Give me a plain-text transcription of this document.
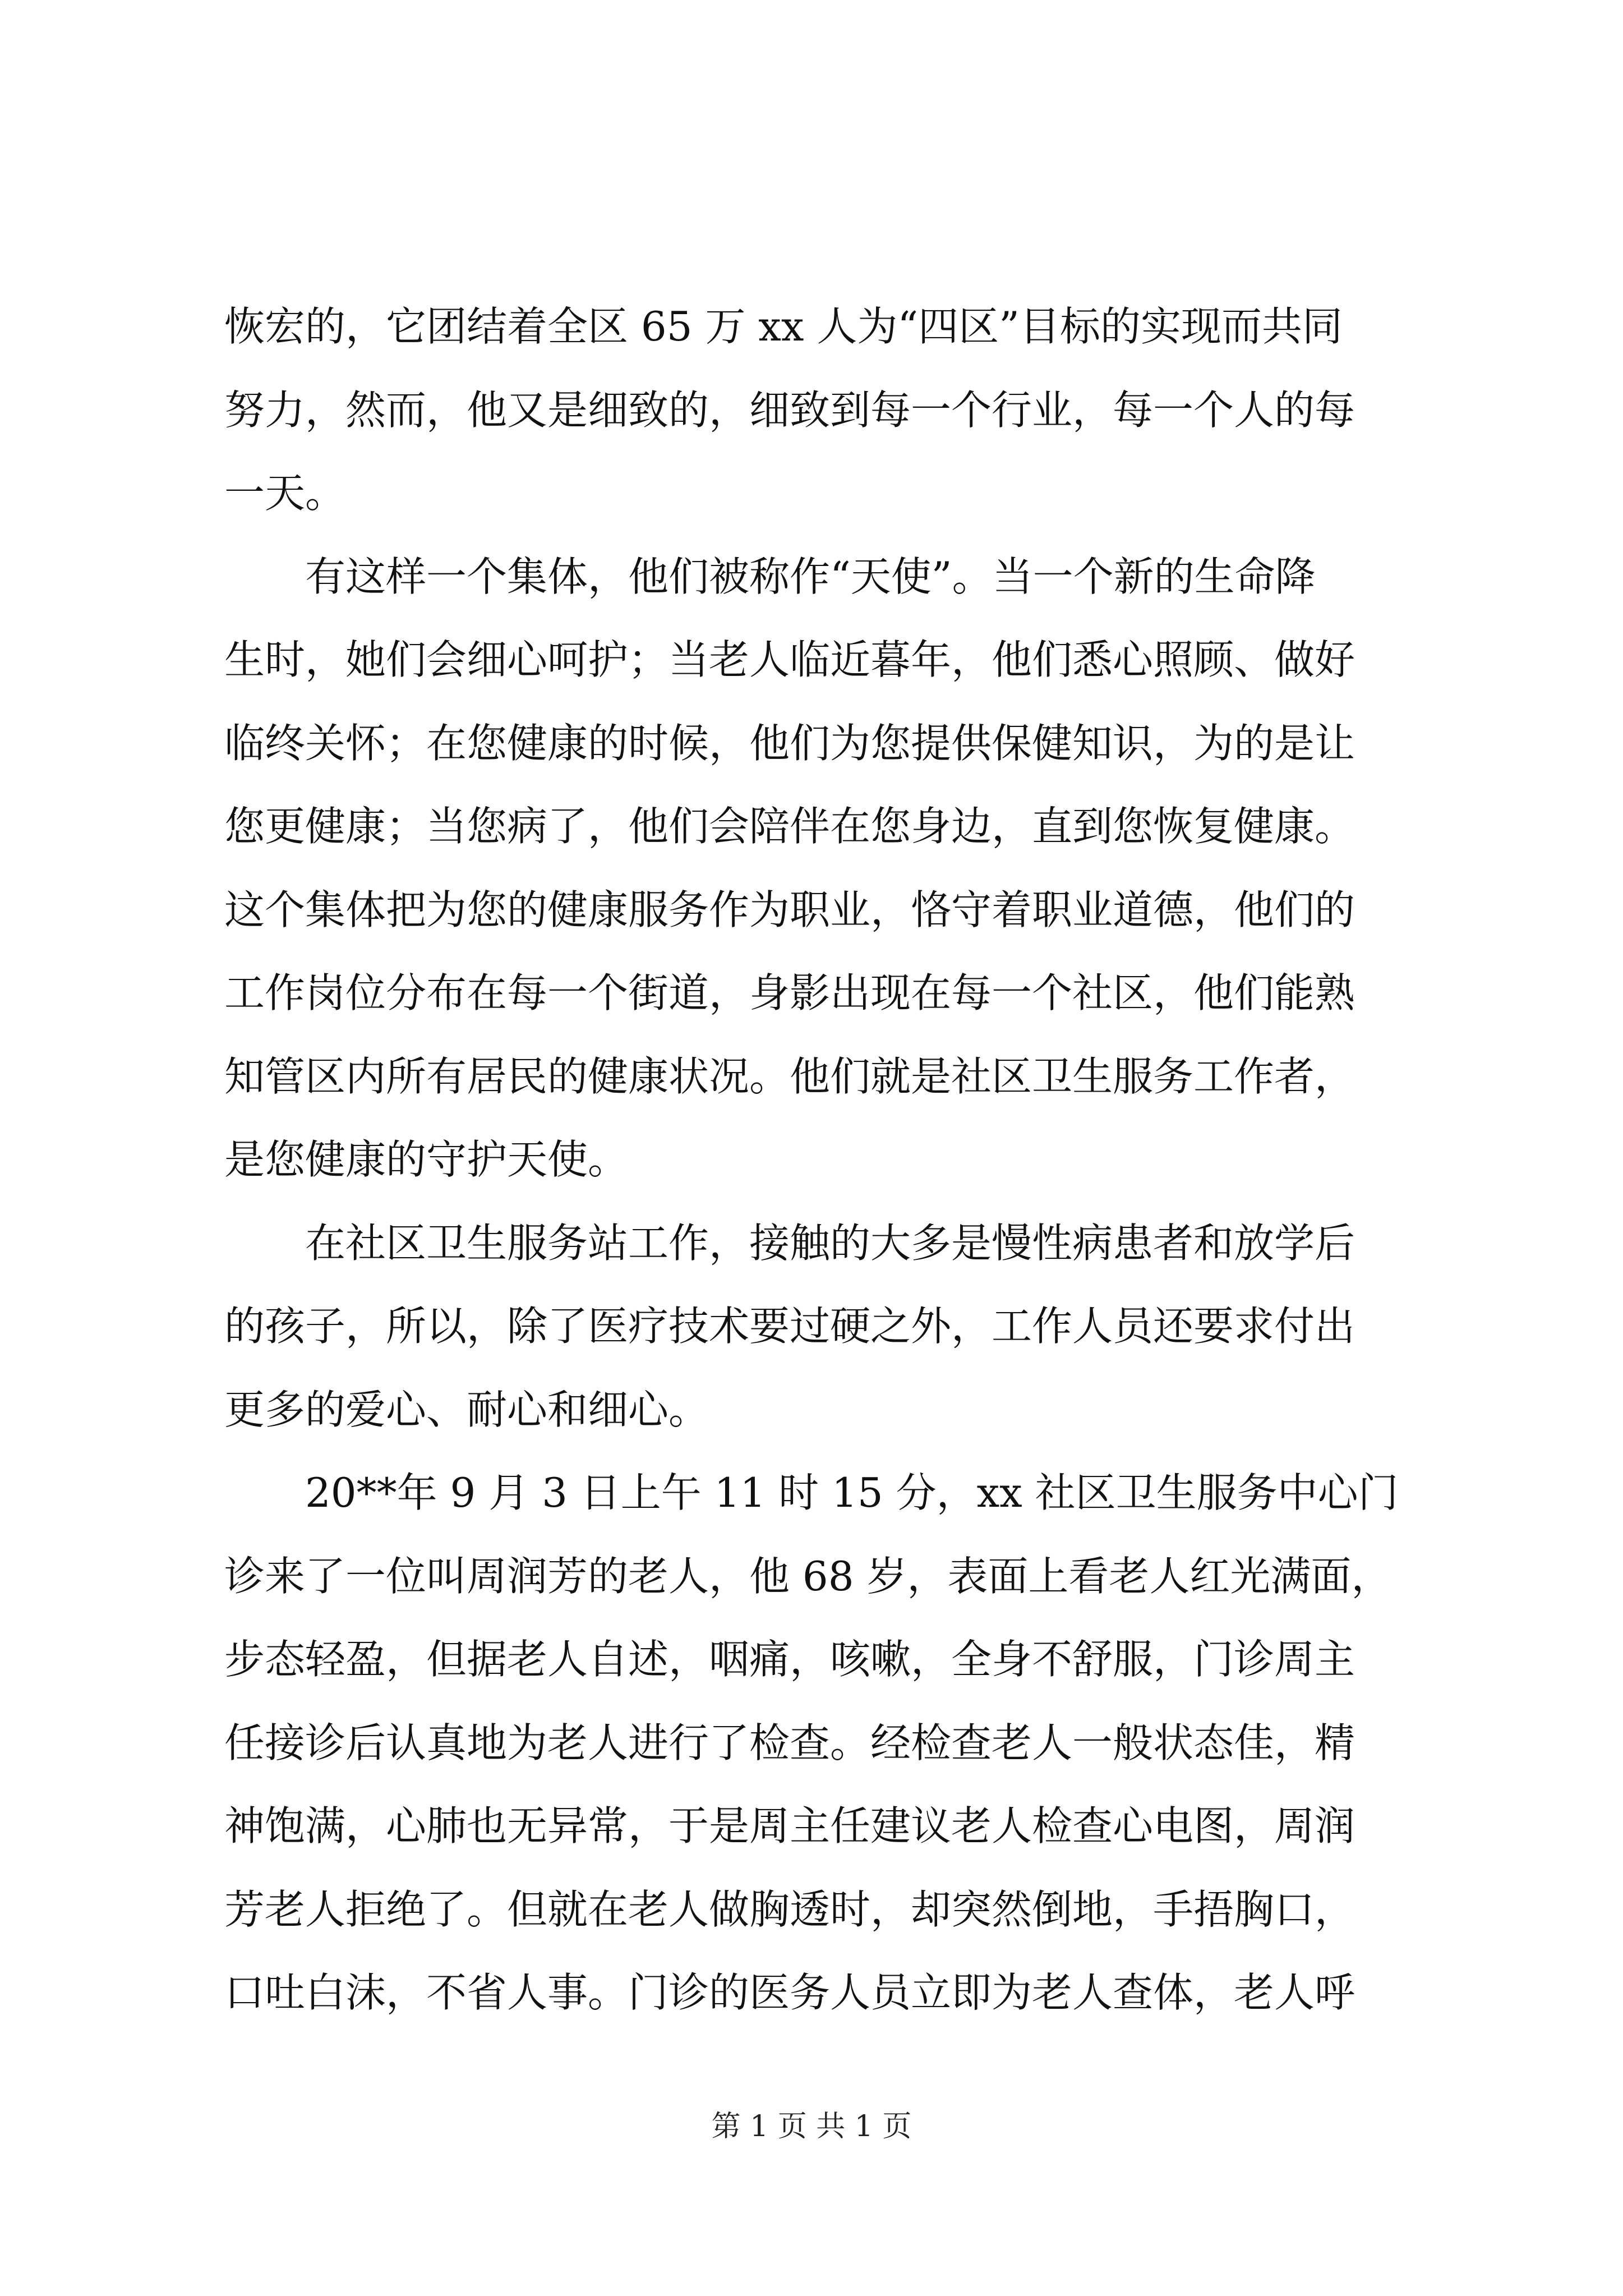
恢宏的，它团结着全区 65 万 xx 人为“四区”目标的实现而共同
努力，然而，他又是细致的，细致到每一个行业，每一个人的每
一天。
　　有这样一个集体，他们被称作“天使”。当一个新的生命降
生时，她们会细心呵护；当老人临近暮年，他们悉心照顾、做好
临终关怀；在您健康的时候，他们为您提供保健知识，为的是让
您更健康；当您病了，他们会陪伴在您身边，直到您恢复健康。
这个集体把为您的健康服务作为职业，恪守着职业道德，他们的
工作岗位分布在每一个街道，身影出现在每一个社区，他们能熟
知管区内所有居民的健康状况。他们就是社区卫生服务工作者，
是您健康的守护天使。
　　在社区卫生服务站工作，接触的大多是慢性病患者和放学后
的孩子，所以，除了医疗技术要过硬之外，工作人员还要求付出
更多的爱心、耐心和细心。
　　20**年 9 月 3 日上午 11 时 15 分，xx 社区卫生服务中心门
诊来了一位叫周润芳的老人，他 68 岁，表面上看老人红光满面，
步态轻盈，但据老人自述，咽痛，咳嗽，全身不舒服，门诊周主
任接诊后认真地为老人进行了检查。经检查老人一般状态佳，精
神饱满，心肺也无异常，于是周主任建议老人检查心电图，周润
芳老人拒绝了。但就在老人做胸透时，却突然倒地，手捂胸口，
口吐白沫，不省人事。门诊的医务人员立即为老人查体，老人呼
第 1 页 共 1 页
